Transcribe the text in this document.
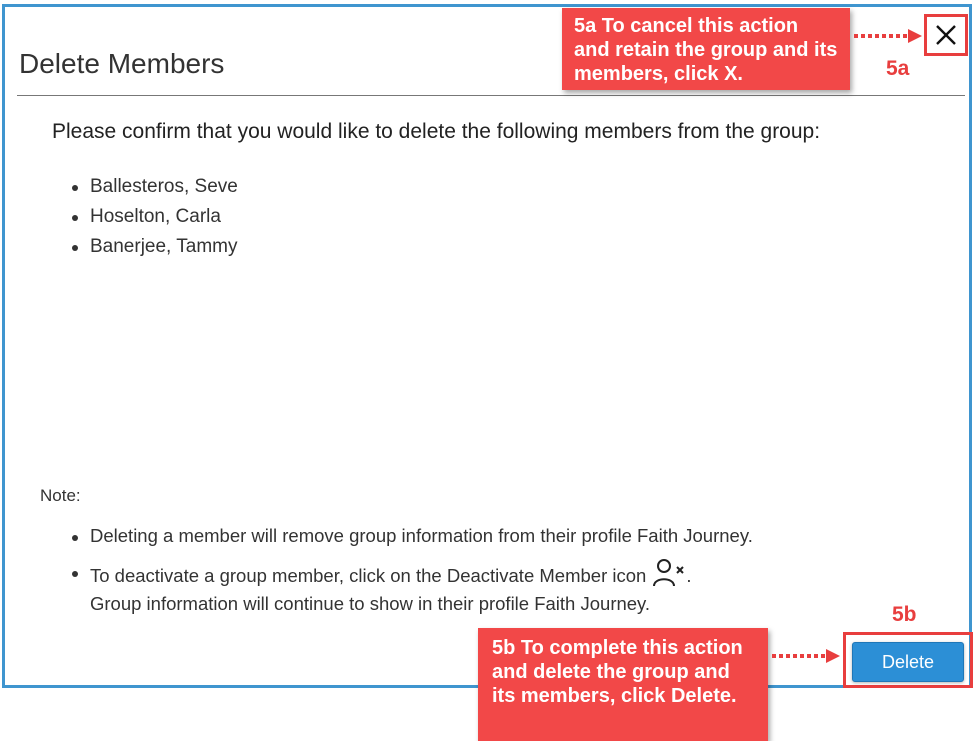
Delete Members

Please confirm that you would like to delete the following members from the group:

Ballesteros, Seve
Hoselton, Carla
Banerjee, Tammy

Note:

Deleting a member will remove group information from their profile Faith Journey.
To deactivate a group member, click on the Deactivate Member icon .
Group information will continue to show in their profile Faith Journey.
Delete
5a To cancel this action and retain the group and its members, click X.	5a
5b To complete this action and delete the group and its members, click Delete.
5b
